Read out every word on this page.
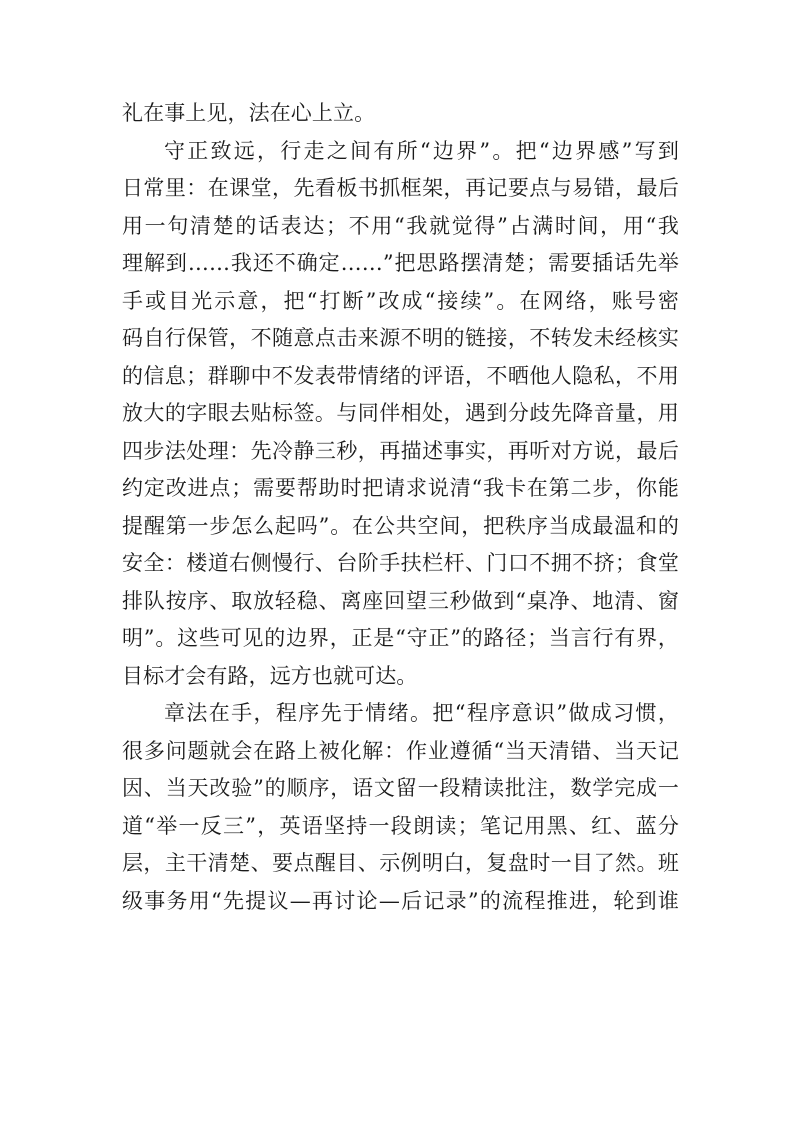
礼在事上见，法在心上立。
守正致远，行走之间有所“边界”。把“边界感”写到
日常里：在课堂，先看板书抓框架，再记要点与易错，最后
用一句清楚的话表达；不用“我就觉得”占满时间，用“我
理解到……我还不确定……”把思路摆清楚；需要插话先举
手或目光示意，把“打断”改成“接续”。在网络，账号密
码自行保管，不随意点击来源不明的链接，不转发未经核实
的信息；群聊中不发表带情绪的评语，不晒他人隐私，不用
放大的字眼去贴标签。与同伴相处，遇到分歧先降音量，用
四步法处理：先冷静三秒，再描述事实，再听对方说，最后
约定改进点；需要帮助时把请求说清“我卡在第二步，你能
提醒第一步怎么起吗”。在公共空间，把秩序当成最温和的
安全：楼道右侧慢行、台阶手扶栏杆、门口不拥不挤；食堂
排队按序、取放轻稳、离座回望三秒做到“桌净、地清、窗
明”。这些可见的边界，正是“守正”的路径；当言行有界，
目标才会有路，远方也就可达。
章法在手，程序先于情绪。把“程序意识”做成习惯，
很多问题就会在路上被化解：作业遵循“当天清错、当天记
因、当天改验”的顺序，语文留一段精读批注，数学完成一
道“举一反三”，英语坚持一段朗读；笔记用黑、红、蓝分
层，主干清楚、要点醒目、示例明白，复盘时一目了然。班
级事务用“先提议—再讨论—后记录”的流程推进，轮到谁
